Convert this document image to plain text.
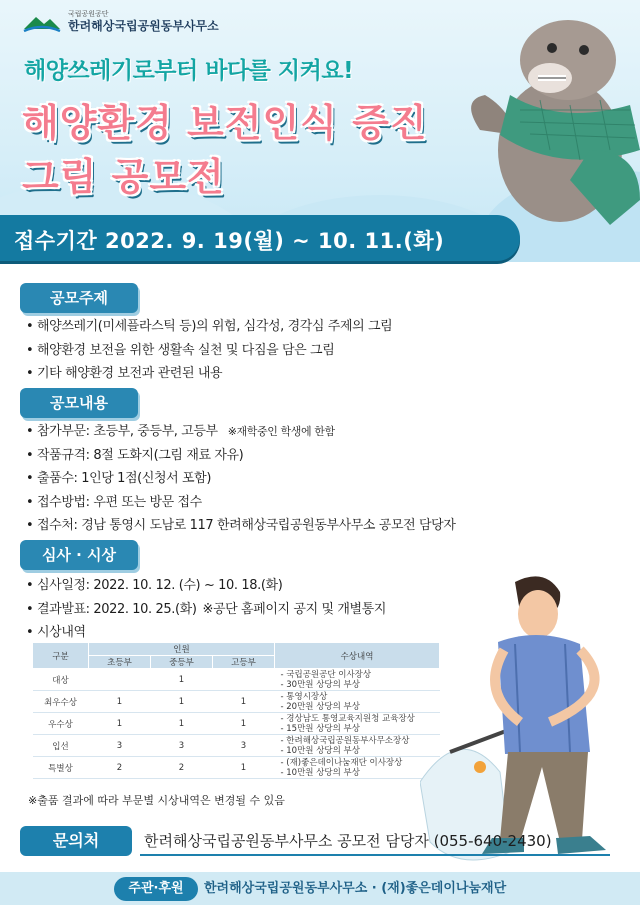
국립공원공단
한려해상국립공원동부사무소
해양쓰레기로부터 바다를 지켜요!
해양환경 보전인식 증진
그림 공모전
접수기간 2022. 9. 19(월) ~ 10. 11.(화)
공모주제
• 해양쓰레기(미세플라스틱 등)의 위험, 심각성, 경각심 주제의 그림
• 해양환경 보전을 위한 생활속 실천 및 다짐을 담은 그림
• 기타 해양환경 보전과 관련된 내용
공모내용
• 참가부문: 초등부, 중등부, 고등부 ※재학중인 학생에 한함
• 작품규격: 8절 도화지(그림 재료 자유)
• 출품수: 1인당 1점(신청서 포함)
• 접수방법: 우편 또는 방문 접수
• 접수처: 경남 통영시 도남로 117 한려해상국립공원동부사무소 공모전 담당자
심사 · 시상
• 심사일정: 2022. 10. 12. (수) ~ 10. 18.(화)
• 결과발표: 2022. 10. 25.(화) ※공단 홈페이지 공지 및 개별통지
• 시상내역
구분	인원			수상내역
	초등부	중등부	고등부	
대상		1		- 국립공원공단 이사장상
- 30만원 상당의 부상

최우수상	1	1	1	- 통영시장상
- 20만원 상당의 부상

우수상	1	1	1	- 경상남도 통영교육지원청 교육장상
- 15만원 상당의 부상

입선	3	3	3	- 한려해상국립공원동부사무소장상
- 10만원 상당의 부상

특별상	2	2	1	- (재)좋은데이나눔재단 이사장상
- 10만원 상당의 부상
※출품 결과에 따라 부문별 시상내역은 변경될 수 있음
문의처	한려해상국립공원동부사무소 공모전 담당자 (055-640-2430)
주관·후원	한려해상국립공원동부사무소 · (재)좋은데이나눔재단
